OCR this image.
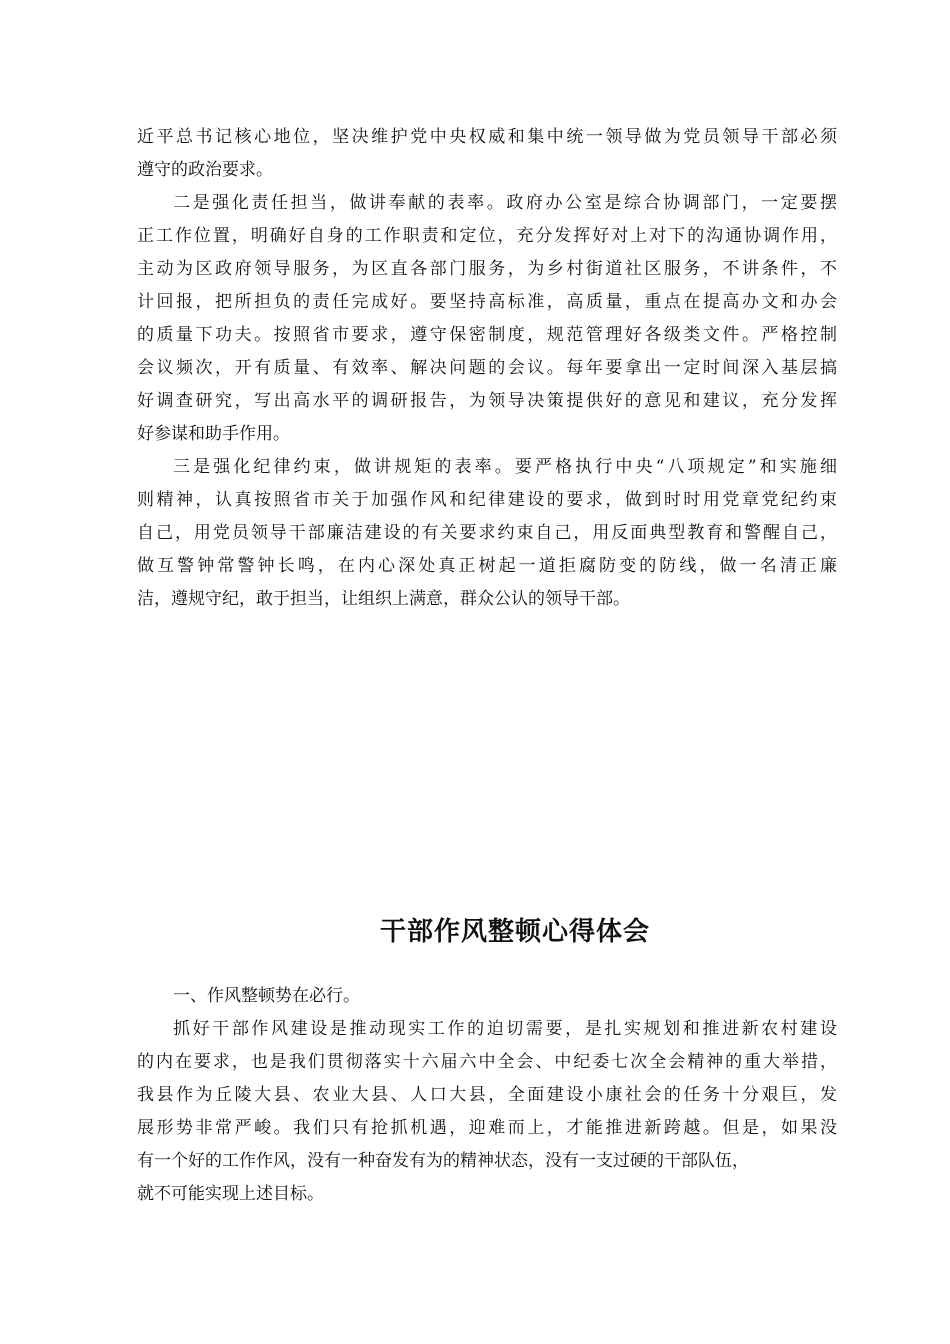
近平总书记核心地位，坚决维护党中央权威和集中统一领导做为党员领导干部必须
遵守的政治要求。
二是强化责任担当，做讲奉献的表率。政府办公室是综合协调部门，一定要摆
正工作位置，明确好自身的工作职责和定位，充分发挥好对上对下的沟通协调作用，
主动为区政府领导服务，为区直各部门服务，为乡村街道社区服务，不讲条件，不
计回报，把所担负的责任完成好。要坚持高标准，高质量，重点在提高办文和办会
的质量下功夫。按照省市要求，遵守保密制度，规范管理好各级类文件。严格控制
会议频次，开有质量、有效率、解决问题的会议。每年要拿出一定时间深入基层搞
好调查研究，写出高水平的调研报告，为领导决策提供好的意见和建议，充分发挥
好参谋和助手作用。
三是强化纪律约束，做讲规矩的表率。要严格执行中央“八项规定”和实施细
则精神，认真按照省市关于加强作风和纪律建设的要求，做到时时用党章党纪约束
自己，用党员领导干部廉洁建设的有关要求约束自己，用反面典型教育和警醒自己，
做互警钟常警钟长鸣，在内心深处真正树起一道拒腐防变的防线，做一名清正廉
洁，遵规守纪，敢于担当，让组织上满意，群众公认的领导干部。
干部作风整顿心得体会
一、作风整顿势在必行。
抓好干部作风建设是推动现实工作的迫切需要，是扎实规划和推进新农村建设
的内在要求，也是我们贯彻落实十六届六中全会、中纪委七次全会精神的重大举措，
我县作为丘陵大县、农业大县、人口大县，全面建设小康社会的任务十分艰巨，发
展形势非常严峻。我们只有抢抓机遇，迎难而上，才能推进新跨越。但是，如果没
有一个好的工作作风，没有一种奋发有为的精神状态，没有一支过硬的干部队伍，
就不可能实现上述目标。
